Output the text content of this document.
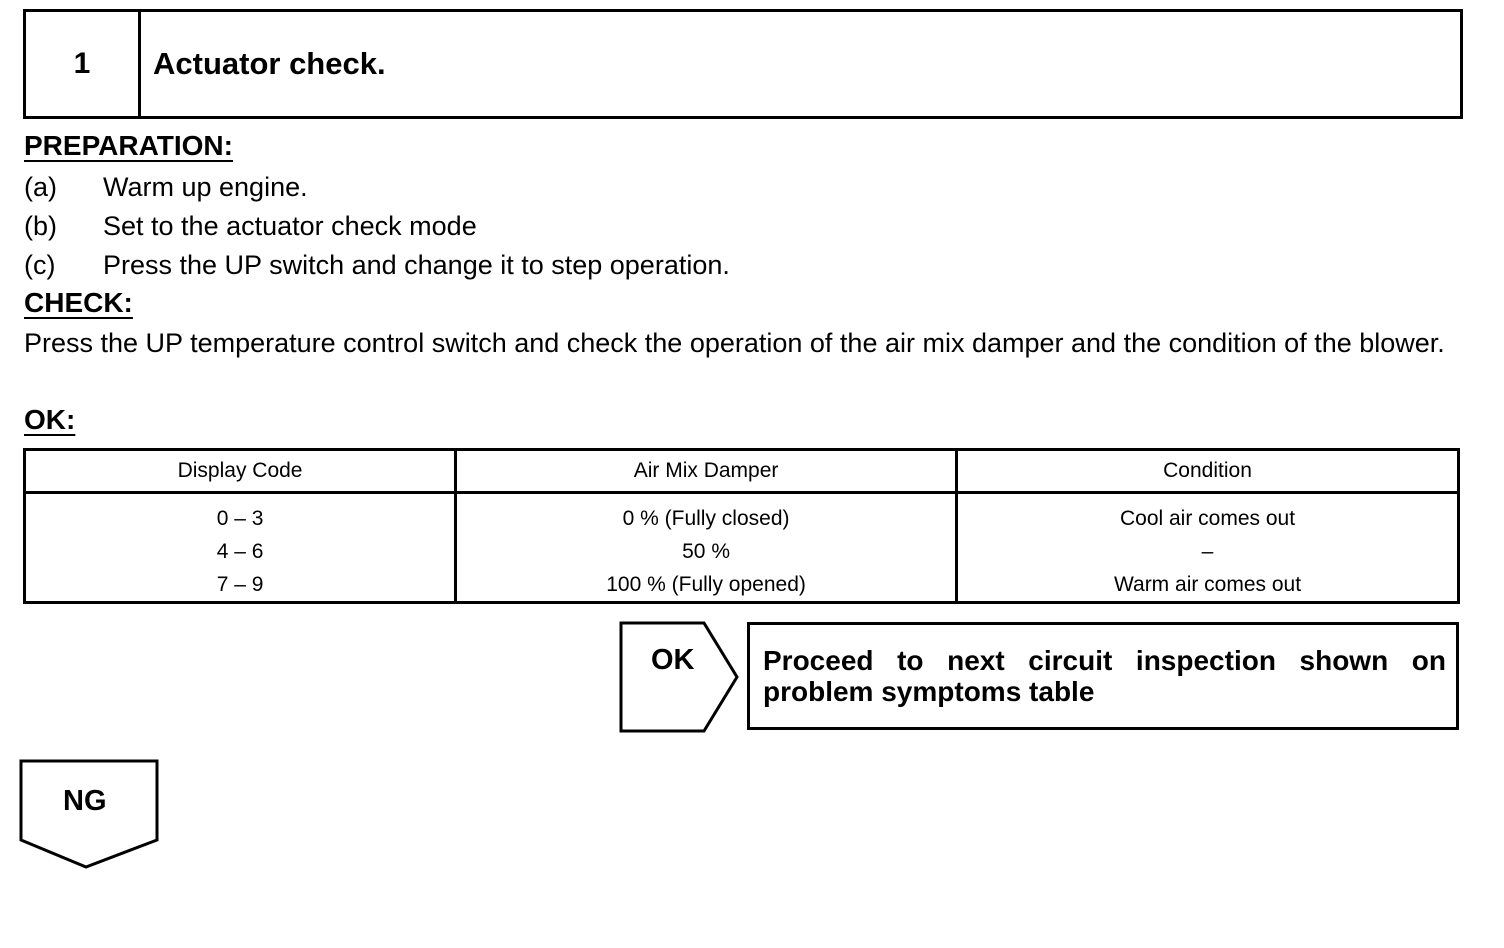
1	Actuator check.
PREPARATION:
(a) Warm up engine.
(b) Set to the actuator check mode
(c) Press the UP switch and change it to step operation.
CHECK:
Press the UP temperature control switch and check the operation of the air mix damper and the condition of the blower.
OK:
Display Code	Air Mix Damper	Condition
0 – 3	0 % (Fully closed)	Cool air comes out
4 – 6	50 %	–
7 – 9	100 % (Fully opened)	Warm air comes out
OK Proceed to next circuit inspection shown on problem symptoms table
NG
